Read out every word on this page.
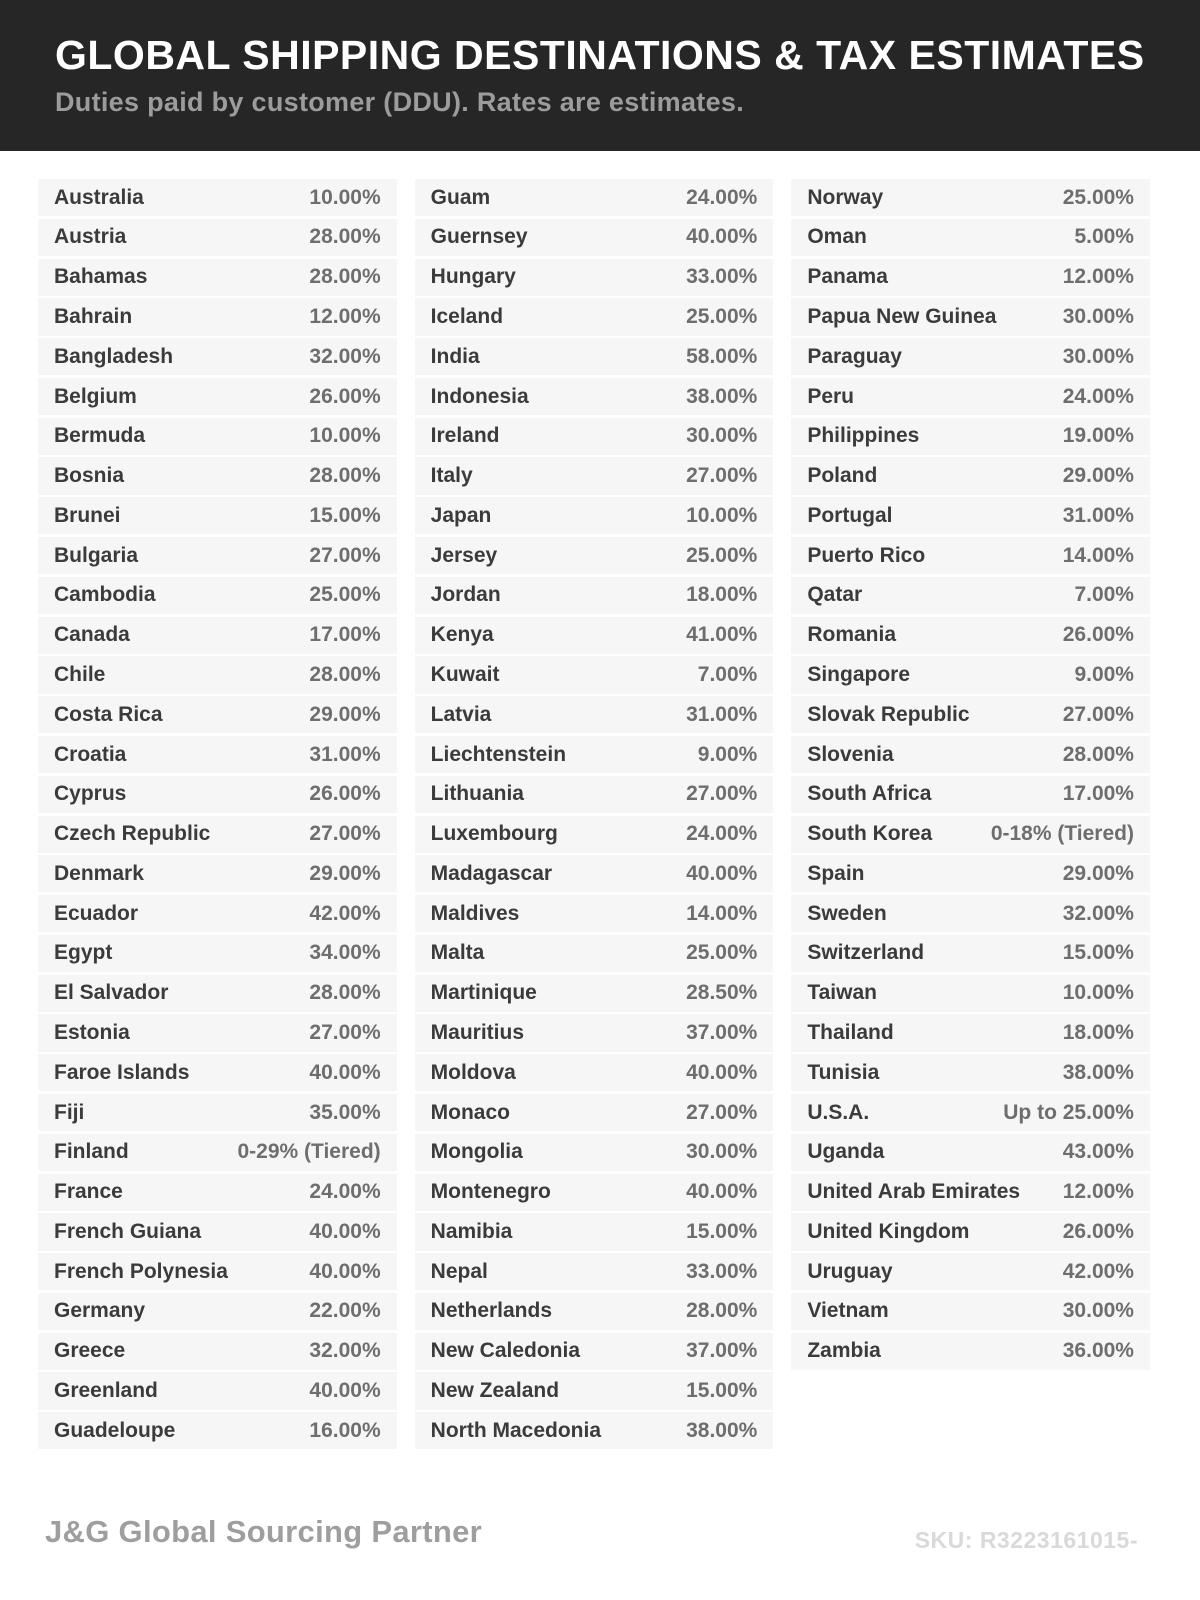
GLOBAL SHIPPING DESTINATIONS & TAX ESTIMATES
Duties paid by customer (DDU). Rates are estimates.
Australia	10.00%
Austria	28.00%
Bahamas	28.00%
Bahrain	12.00%
Bangladesh	32.00%
Belgium	26.00%
Bermuda	10.00%
Bosnia	28.00%
Brunei	15.00%
Bulgaria	27.00%
Cambodia	25.00%
Canada	17.00%
Chile	28.00%
Costa Rica	29.00%
Croatia	31.00%
Cyprus	26.00%
Czech Republic	27.00%
Denmark	29.00%
Ecuador	42.00%
Egypt	34.00%
El Salvador	28.00%
Estonia	27.00%
Faroe Islands	40.00%
Fiji	35.00%
Finland	0-29% (Tiered)
France	24.00%
French Guiana	40.00%
French Polynesia	40.00%
Germany	22.00%
Greece	32.00%
Greenland	40.00%
Guadeloupe	16.00%
Guam	24.00%
Guernsey	40.00%
Hungary	33.00%
Iceland	25.00%
India	58.00%
Indonesia	38.00%
Ireland	30.00%
Italy	27.00%
Japan	10.00%
Jersey	25.00%
Jordan	18.00%
Kenya	41.00%
Kuwait	7.00%
Latvia	31.00%
Liechtenstein	9.00%
Lithuania	27.00%
Luxembourg	24.00%
Madagascar	40.00%
Maldives	14.00%
Malta	25.00%
Martinique	28.50%
Mauritius	37.00%
Moldova	40.00%
Monaco	27.00%
Mongolia	30.00%
Montenegro	40.00%
Namibia	15.00%
Nepal	33.00%
Netherlands	28.00%
New Caledonia	37.00%
New Zealand	15.00%
North Macedonia	38.00%
Norway	25.00%
Oman	5.00%
Panama	12.00%
Papua New Guinea	30.00%
Paraguay	30.00%
Peru	24.00%
Philippines	19.00%
Poland	29.00%
Portugal	31.00%
Puerto Rico	14.00%
Qatar	7.00%
Romania	26.00%
Singapore	9.00%
Slovak Republic	27.00%
Slovenia	28.00%
South Africa	17.00%
South Korea	0-18% (Tiered)
Spain	29.00%
Sweden	32.00%
Switzerland	15.00%
Taiwan	10.00%
Thailand	18.00%
Tunisia	38.00%
U.S.A.	Up to 25.00%
Uganda	43.00%
United Arab Emirates 12.00%
United Kingdom	26.00%
Uruguay	42.00%
Vietnam	30.00%
Zambia	36.00%
J&G Global Sourcing Partner	SKU: R3223161015-
